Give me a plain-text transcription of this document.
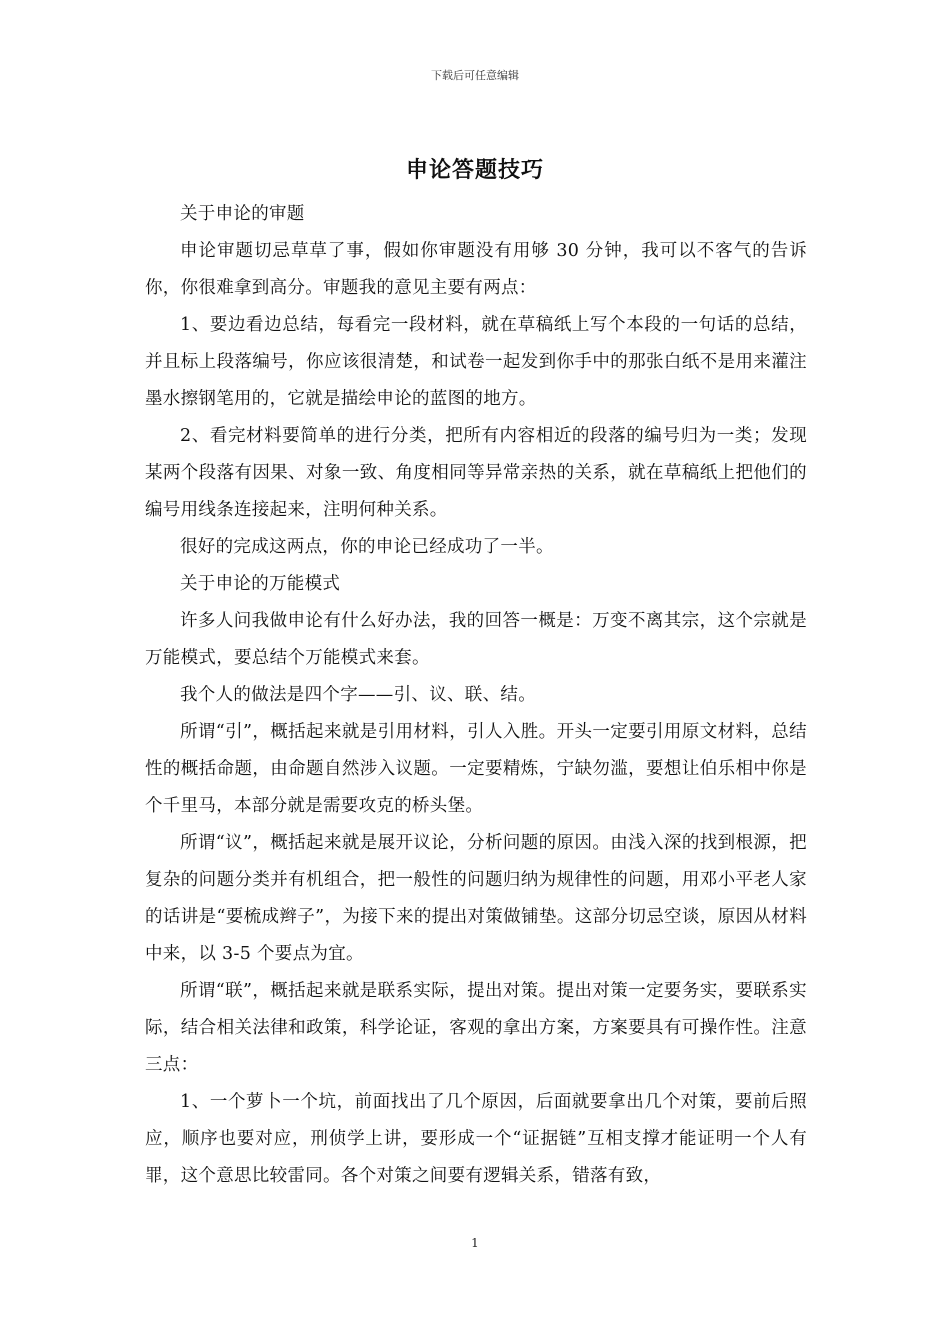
下载后可任意编辑
申论答题技巧

关于申论的审题

申论审题切忌草草了事，假如你审题没有用够 30 分钟，我可以不客气的告诉你，你很难拿到高分。审题我的意见主要有两点：

1、要边看边总结，每看完一段材料，就在草稿纸上写个本段的一句话的总结，并且标上段落编号，你应该很清楚，和试卷一起发到你手中的那张白纸不是用来灌注墨水擦钢笔用的，它就是描绘申论的蓝图的地方。

2、看完材料要简单的进行分类，把所有内容相近的段落的编号归为一类；发现某两个段落有因果、对象一致、角度相同等异常亲热的关系，就在草稿纸上把他们的编号用线条连接起来，注明何种关系。

很好的完成这两点，你的申论已经成功了一半。

关于申论的万能模式

许多人问我做申论有什么好办法，我的回答一概是：万变不离其宗，这个宗就是万能模式，要总结个万能模式来套。

我个人的做法是四个字——引、议、联、结。

所谓“引”，概括起来就是引用材料，引人入胜。开头一定要引用原文材料，总结性的概括命题，由命题自然涉入议题。一定要精炼，宁缺勿滥，要想让伯乐相中你是个千里马，本部分就是需要攻克的桥头堡。

所谓“议”，概括起来就是展开议论，分析问题的原因。由浅入深的找到根源，把复杂的问题分类并有机组合，把一般性的问题归纳为规律性的问题，用邓小平老人家的话讲是“要梳成辫子”，为接下来的提出对策做铺垫。这部分切忌空谈，原因从材料中来，以 3-5 个要点为宜。

所谓“联”，概括起来就是联系实际，提出对策。提出对策一定要务实，要联系实际，结合相关法律和政策，科学论证，客观的拿出方案，方案要具有可操作性。注意三点：

1、一个萝卜一个坑，前面找出了几个原因，后面就要拿出几个对策，要前后照应，顺序也要对应，刑侦学上讲，要形成一个“证据链”互相支撑才能证明一个人有罪，这个意思比较雷同。各个对策之间要有逻辑关系，错落有致，

1
